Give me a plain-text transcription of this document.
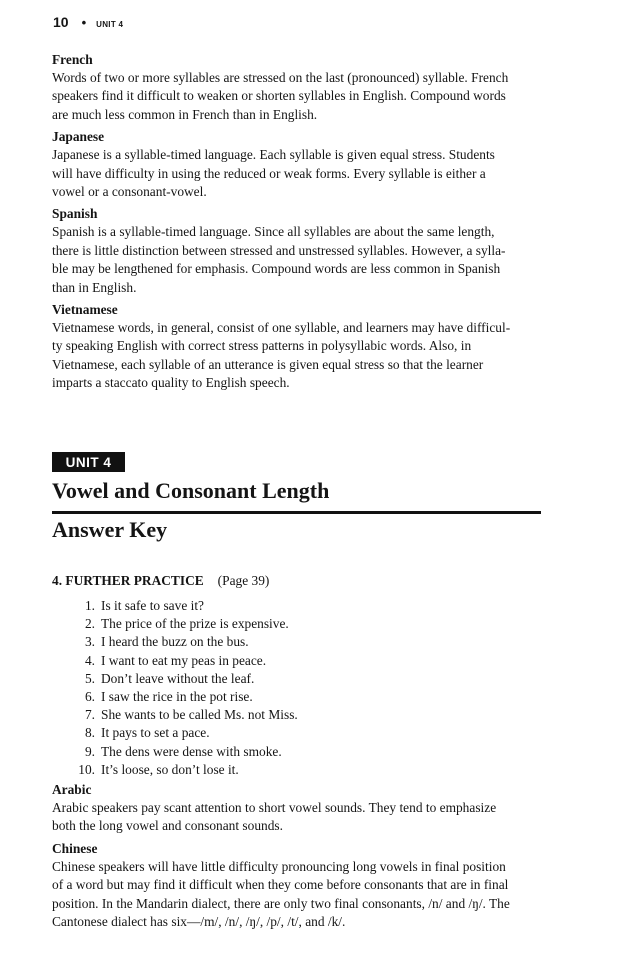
10 • UNIT 4

French

Words of two or more syllables are stressed on the last (pronounced) syllable. French
speakers find it difficult to weaken or shorten syllables in English. Compound words
are much less common in French than in English.

Japanese

Japanese is a syllable-timed language. Each syllable is given equal stress. Students
will have difficulty in using the reduced or weak forms. Every syllable is either a
vowel or a consonant-vowel.

Spanish

Spanish is a syllable-timed language. Since all syllables are about the same length,
there is little distinction between stressed and unstressed syllables. However, a sylla-
ble may be lengthened for emphasis. Compound words are less common in Spanish
than in English.

Vietnamese

Vietnamese words, in general, consist of one syllable, and learners may have difficul-
ty speaking English with correct stress patterns in polysyllabic words. Also, in
Vietnamese, each syllable of an utterance is given equal stress so that the learner
imparts a staccato quality to English speech.

UNIT 4
Vowel and Consonant Length
Answer Key

4. FURTHER PRACTICE (Page 39)

1. Is it safe to save it?
2. The price of the prize is expensive.
3. I heard the buzz on the bus.
4. I want to eat my peas in peace.
5. Don’t leave without the leaf.
6. I saw the rice in the pot rise.
7. She wants to be called Ms. not Miss.
8. It pays to set a pace.
9. The dens were dense with smoke.
10. It’s loose, so don’t lose it.

Arabic

Arabic speakers pay scant attention to short vowel sounds. They tend to emphasize
both the long vowel and consonant sounds.

Chinese

Chinese speakers will have little difficulty pronouncing long vowels in final position
of a word but may find it difficult when they come before consonants that are in final
position. In the Mandarin dialect, there are only two final consonants, /n/ and /ŋ/. The
Cantonese dialect has six—/m/, /n/, /ŋ/, /p/, /t/, and /k/.
